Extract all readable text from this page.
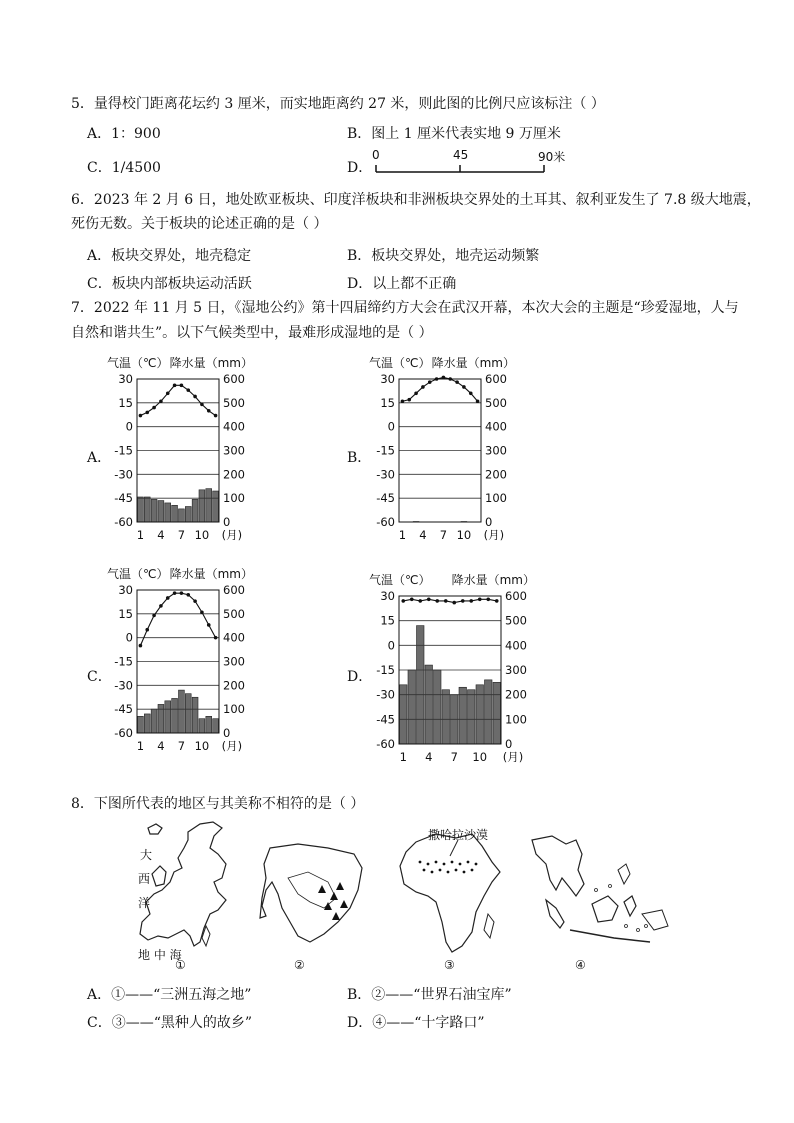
5．量得校门距离花坛约 3 厘米，而实地距离约 27 米，则此图的比例尺应该标注（ ）
A．1：900	B．图上 1 厘米代表实地 9 万厘米
C．1/4500	D．
0	45	90米
6．2023 年 2 月 6 日，地处欧亚板块、印度洋板块和非洲板块交界处的土耳其、叙利亚发生了 7.8 级大地震，
死伤无数。关于板块的论述正确的是（ ）
A．板块交界处，地壳稳定	B．板块交界处，地壳运动频繁
C．板块内部板块运动活跃	D．以上都不正确
7．2022 年 11 月 5 日，《湿地公约》第十四届缔约方大会在武汉开幕，本次大会的主题是“珍爱湿地，人与
自然和谐共生”。以下气候类型中，最难形成湿地的是（ ）
A．	B．
C．	D．
气温（℃） 降水量（mm）
30	600
15	500
0	400
-15	300
-30	200
-45	100
-60	0
1 4 7 10 (月)
气温（℃） 降水量（mm）
30	600
15	500
0	400
-15	300
-30	200
-45	100
-60	0
1 4 7 10 (月)
气温（℃） 降水量（mm）
30	600
15	500
0	400
-15	300
-30	200
-45	100
-60	0
1 4 7 10 (月)
气温（℃） 降水量（mm）
30	600
15	500
0	400
-15	300
-30	200
-45	100
-60	0
1 4 7 10 (月)
8．下图所代表的地区与其美称不相符的是（ ）
大
西
洋
地 中 海
①	②
撒哈拉沙漠
③	④
A．①——“三洲五海之地”	B．②——“世界石油宝库”
C．③——“黑种人的故乡”	D．④——“十字路口”
